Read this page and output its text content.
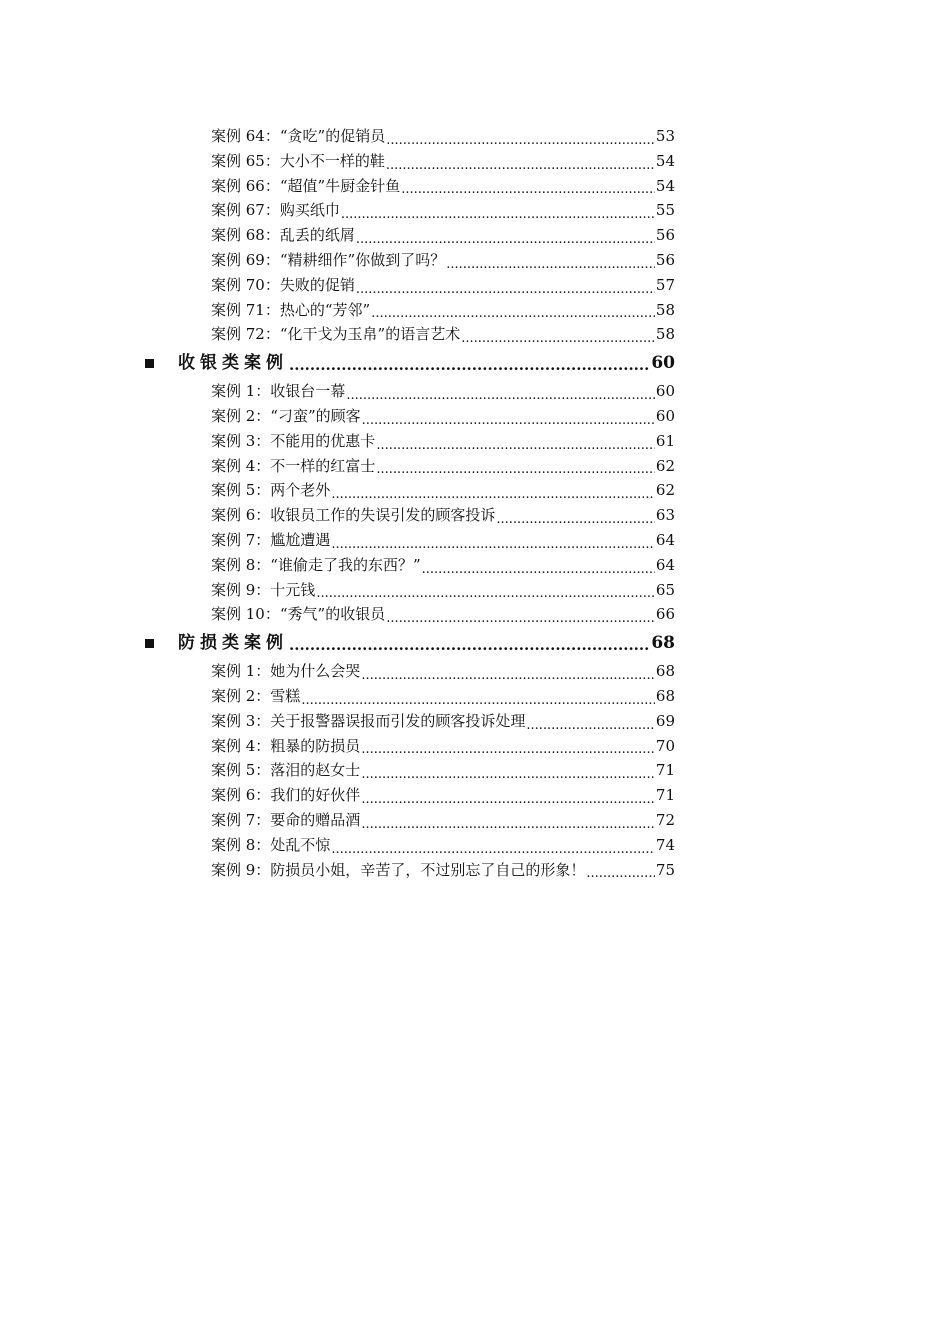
案例 64：“贪吃”的促销员 .....	53
案例 65：大小不一样的鞋 .....	54
案例 66：“超值”牛厨金针鱼 .....	54
案例 67：购买纸巾 .....	55
案例 68：乱丢的纸屑 .....	56
案例 69：“精耕细作”你做到了吗？ .....	56
案例 70：失败的促销 .....	57
案例 71：热心的“芳邻” .....	58
案例 72：“化干戈为玉帛”的语言艺术 .....	58
收银类案例 .....	60
案例 1：收银台一幕 .....	60
案例 2：“刁蛮”的顾客 .....	60
案例 3：不能用的优惠卡 .....	61
案例 4：不一样的红富士 .....	62
案例 5：两个老外 .....	62
案例 6：收银员工作的失误引发的顾客投诉 .....	63
案例 7：尴尬遭遇 .....	64
案例 8：“谁偷走了我的东西？” .....	64
案例 9：十元钱 .....	65
案例 10：“秀气”的收银员 .....	66
防损类案例 .....	68
案例 1：她为什么会哭 .....	68
案例 2：雪糕 .....	68
案例 3：关于报警器误报而引发的顾客投诉处理 .....	69
案例 4：粗暴的防损员 .....	70
案例 5：落泪的赵女士 .....	71
案例 6：我们的好伙伴 .....	71
案例 7：要命的赠品酒 .....	72
案例 8：处乱不惊 .....	74
案例 9：防损员小姐，辛苦了，不过别忘了自己的形象！ .....	75
